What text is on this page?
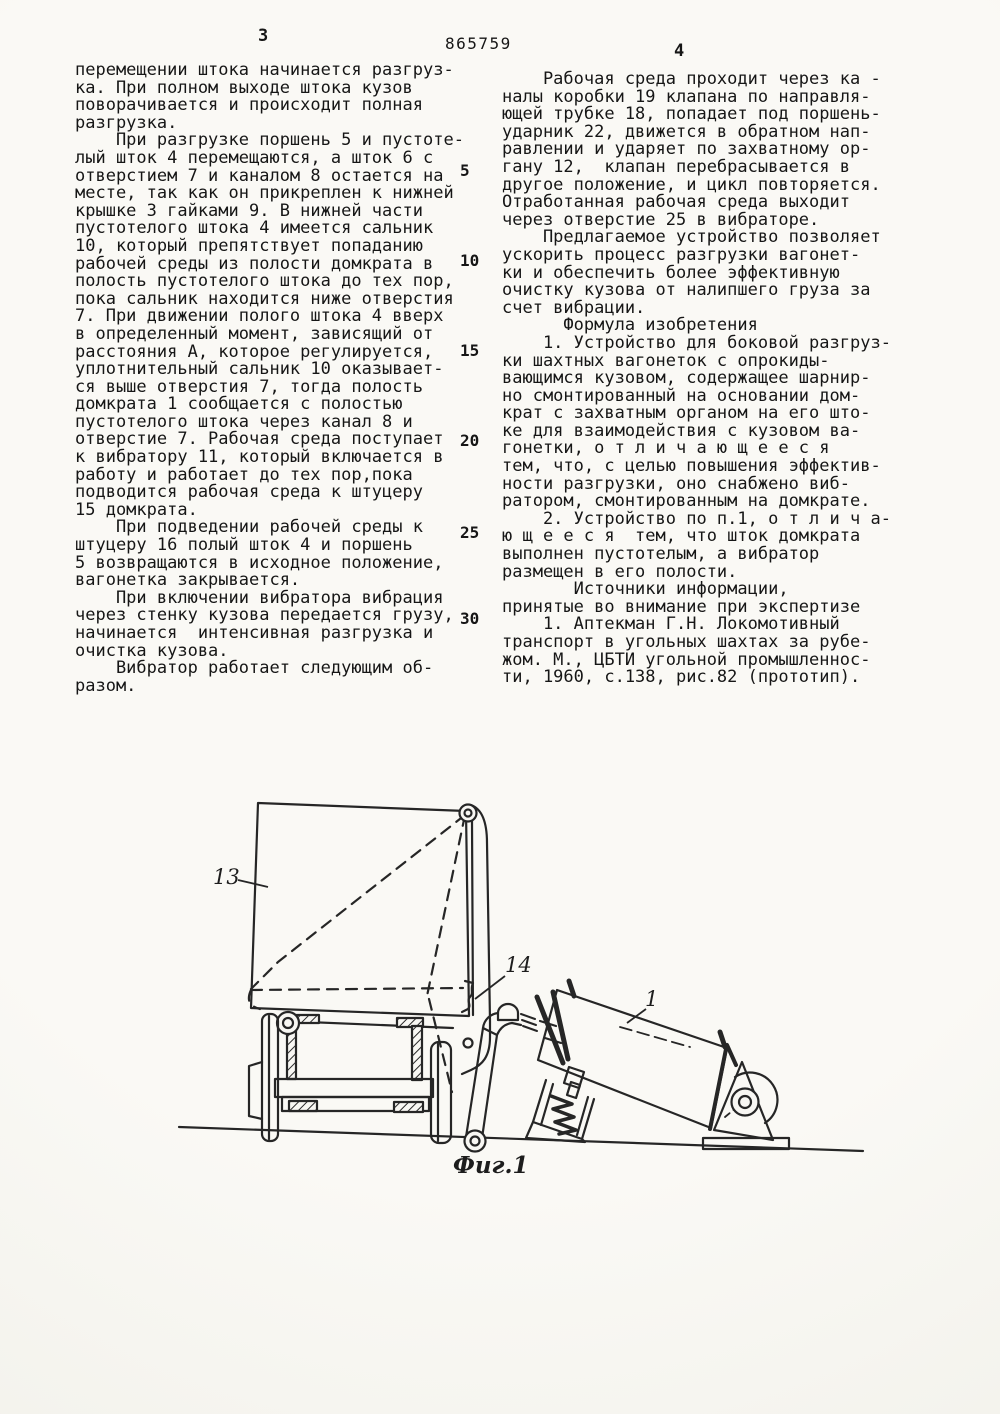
3	865759	4
перемещении штока начинается разгруз-
ка. При полном выходе штока кузов
поворачивается и происходит полная
разгрузка.
При разгрузке поршень 5 и пустоте-
лый шток 4 перемещаются, а шток 6 с
отверстием 7 и каналом 8 остается на
месте, так как он прикреплен к нижней
крышке 3 гайками 9. В нижней части
пустотелого штока 4 имеется сальник
10, который препятствует попаданию
рабочей среды из полости домкрата в
полость пустотелого штока до тех пор,
пока сальник находится ниже отверстия
7. При движении полого штока 4 вверх
в определенный момент, зависящий от
расстояния А, которое регулируется,
уплотнительный сальник 10 оказывает-
ся выше отверстия 7, тогда полость
домкрата 1 сообщается с полостью
пустотелого штока через канал 8 и
отверстие 7. Рабочая среда поступает
к вибратору 11, который включается в
работу и работает до тех пор,пока
подводится рабочая среда к штуцеру
15 домкрата.
При подведении рабочей среды к
штуцеру 16 полый шток 4 и поршень
5 возвращаются в исходное положение,
вагонетка закрывается.
При включении вибратора вибрация
через стенку кузова передается грузу,
начинается  интенсивная разгрузка и
очистка кузова.
Вибратор работает следующим об-
разом.
Рабочая среда проходит через ка -
налы коробки 19 клапана по направля-
ющей трубке 18, попадает под поршень-
ударник 22, движется в обратном нап-
равлении и ударяет по захватному ор-
гану 12,  клапан перебрасывается в
другое положение, и цикл повторяется.
Отработанная рабочая среда выходит
через отверстие 25 в вибраторе.
Предлагаемое устройство позволяет
ускорить процесс разгрузки вагонет-
ки и обеспечить более эффективную
очистку кузова от налипшего груза за
счет вибрации.
Формула изобретения
1. Устройство для боковой разгруз-
ки шахтных вагонеток с опрокиды-
вающимся кузовом, содержащее шарнир-
но смонтированный на основании дом-
крат с захватным органом на его што-
ке для взаимодействия с кузовом ва-
гонетки, о т л и ч а ю щ е е с я
тем, что, с целью повышения эффектив-
ности разгрузки, оно снабжено виб-
ратором, смонтированным на домкрате.
2. Устройство по п.1, о т л и ч а-
ю щ е е с я  тем, что шток домкрата
выполнен пустотелым, а вибратор
размещен в его полости.
Источники информации,
принятые во внимание при экспертизе
1. Аптекман Г.Н. Локомотивный
транспорт в угольных шахтах за рубе-
жом. М., ЦБТИ угольной промышленнос-
ти, 1960, с.138, рис.82 (прототип).
5
10
15
20
25
30
13
14
1
Фиг.1
